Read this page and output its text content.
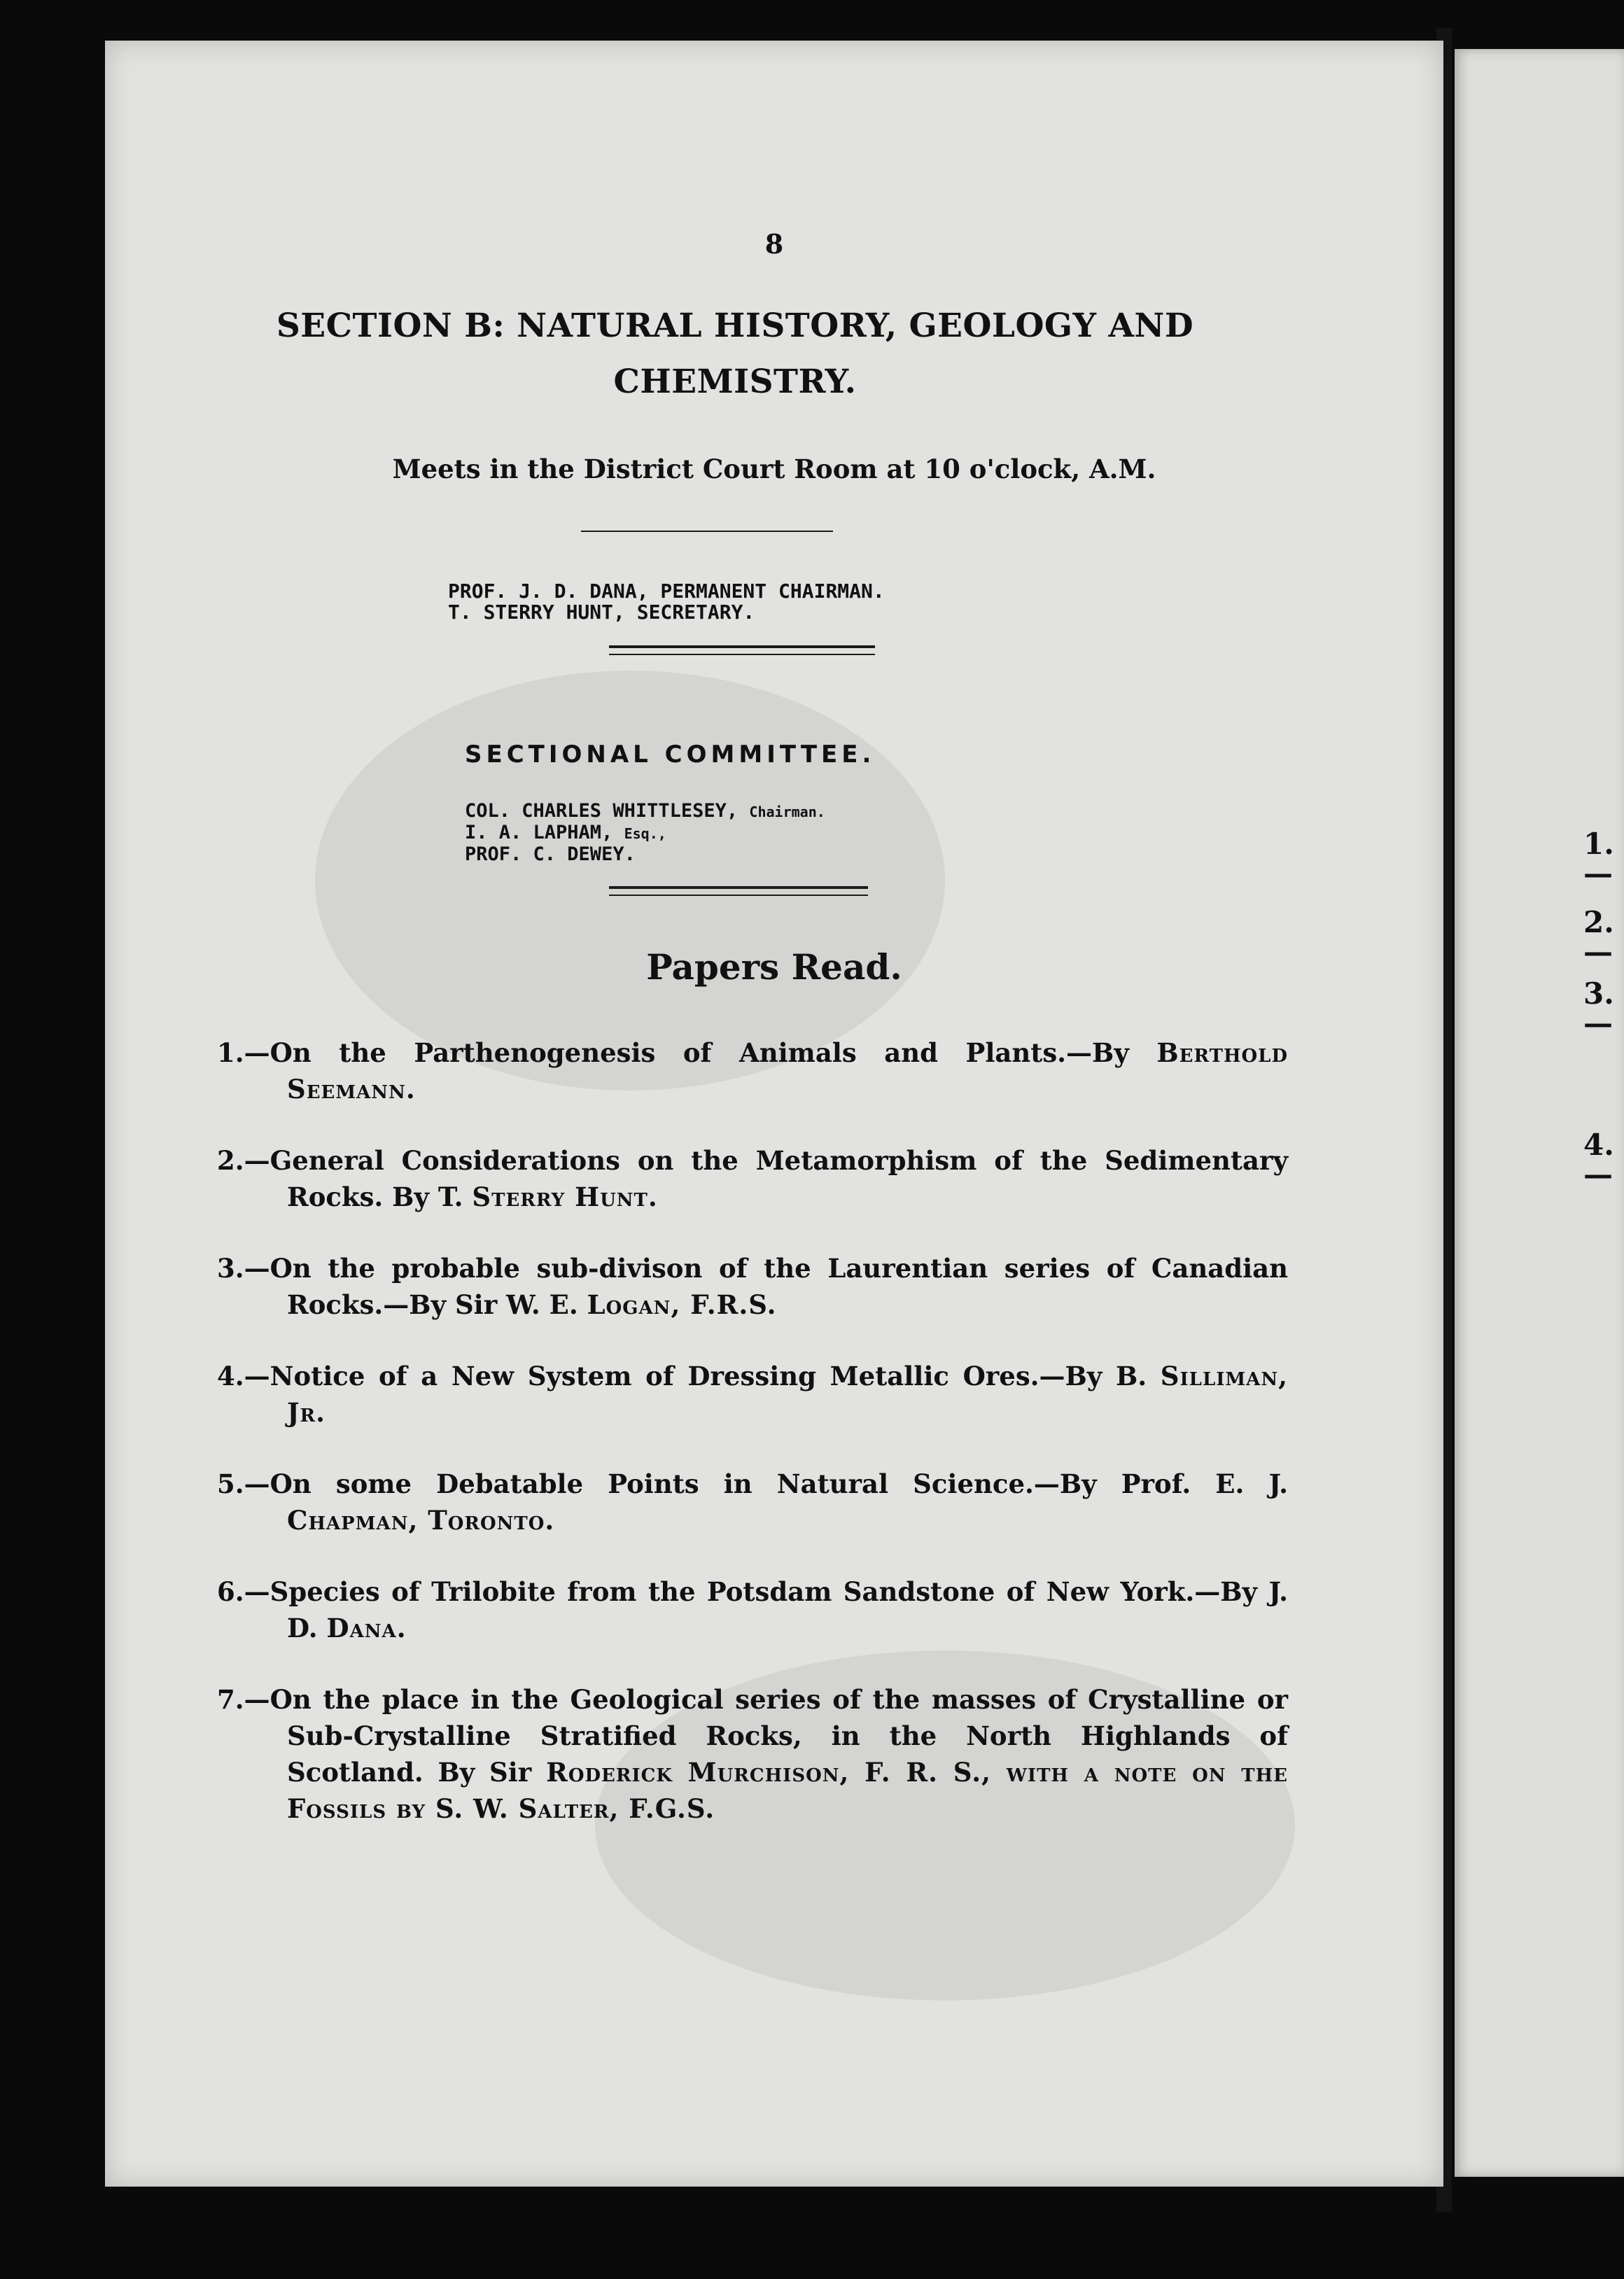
1.—
2.—
3.—
4.—
8
SECTION B: NATURAL HISTORY, GEOLOGY AND CHEMISTRY.
Meets in the District Court Room at 10 o'clock, A.M.
PROF. J. D. DANA, PERMANENT CHAIRMAN.
T. STERRY HUNT, SECRETARY.
SECTIONAL COMMITTEE.
COL. CHARLES WHITTLESEY, Chairman.
I. A. LAPHAM, Esq.,
PROF. C. DEWEY.
Papers Read.
1.—On the Parthenogenesis of Animals and Plants.—By Berthold Seemann.
2.—General Considerations on the Metamorphism of the Sedimentary Rocks. By T. Sterry Hunt.
3.—On the probable sub-divison of the Laurentian series of Canadian Rocks.—By Sir W. E. Logan, F.R.S.
4.—Notice of a New System of Dressing Metallic Ores.—By B. Silliman, Jr.
5.—On some Debatable Points in Natural Science.—By Prof. E. J. Chapman, Toronto.
6.—Species of Trilobite from the Potsdam Sandstone of New York.—By J. D. Dana.
7.—On the place in the Geological series of the masses of Crystalline or Sub-Crystalline Stratified Rocks, in the North Highlands of Scotland. By Sir Roderick Murchison, F. R. S., with a note on the Fossils by S. W. Salter, F.G.S.
